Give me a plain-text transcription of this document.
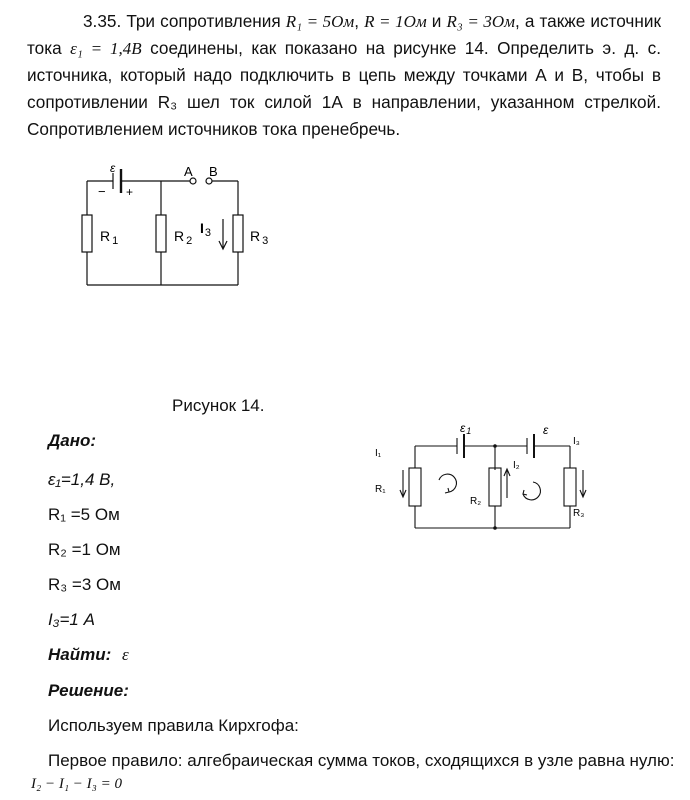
3.35. Три сопротивления R₁ = 5Ом, R = 1Ом и R₃ = 3Ом, а также источник тока ε₁ = 1,4В соединены, как показано на рисунке 14. Определить э. д. с. источника, который надо подключить в цепь между точками А и В, чтобы в сопротивлении R₃ шел ток силой 1А в направлении, указанном стрелкой. Сопротивлением источников тока пренебречь.
ε
− +
A B
R $_1$	R $_2$
$I_3$	R $_3$
Рисунок 14.
ε1	ε
I₁
I₂
I₃
R₁
R₂
R₃
Дано:
ε₁=1,4 В,
R₁ =5 Ом
R₂ =1 Ом
R₃ =3 Ом
I₃=1 А
Найти: ε
Решение:
Используем правила Кирхгофа:
Первое правило: алгебраическая сумма токов, сходящихся в узле равна нулю:
I₂ − I₁ − I₃ = 0
